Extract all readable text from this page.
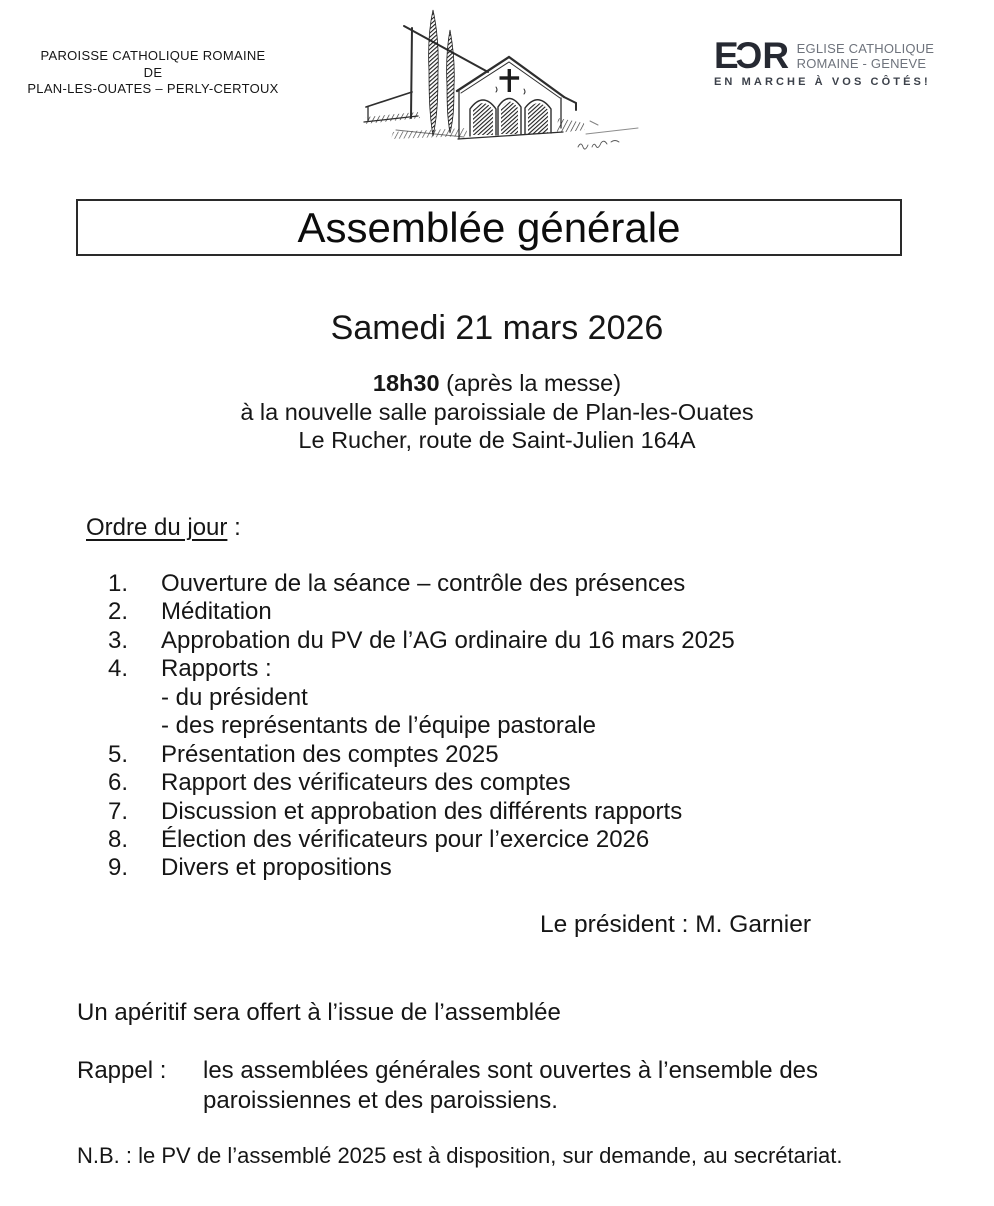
PAROISSE CATHOLIQUE ROMAINE
DE
PLAN-LES-OUATES – PERLY-CERTOUX
ECR EGLISE CATHOLIQUE
ROMAINE - GENEVE
EN MARCHE À VOS CÔTÉS!
Assemblée générale
Samedi 21 mars 2026
18h30 (après la messe)
à la nouvelle salle paroissiale de Plan-les-Ouates
Le Rucher, route de Saint-Julien 164A
Ordre du jour :
1.	Ouverture de la séance – contrôle des présences
2.	Méditation
3.	Approbation du PV de l’AG ordinaire du 16 mars 2025
4.	Rapports :
- du président
- des représentants de l’équipe pastorale
5.	Présentation des comptes 2025
6.	Rapport des vérificateurs des comptes
7.	Discussion et approbation des différents rapports
8.	Élection des vérificateurs pour l’exercice 2026
9.	Divers et propositions
Le président : M. Garnier
Un apéritif sera offert à l’issue de l’assemblée
Rappel :	les assemblées générales sont ouvertes à l’ensemble des
paroissiennes et des paroissiens.
N.B. : le PV de l’assemblé 2025 est à disposition, sur demande, au secrétariat.
